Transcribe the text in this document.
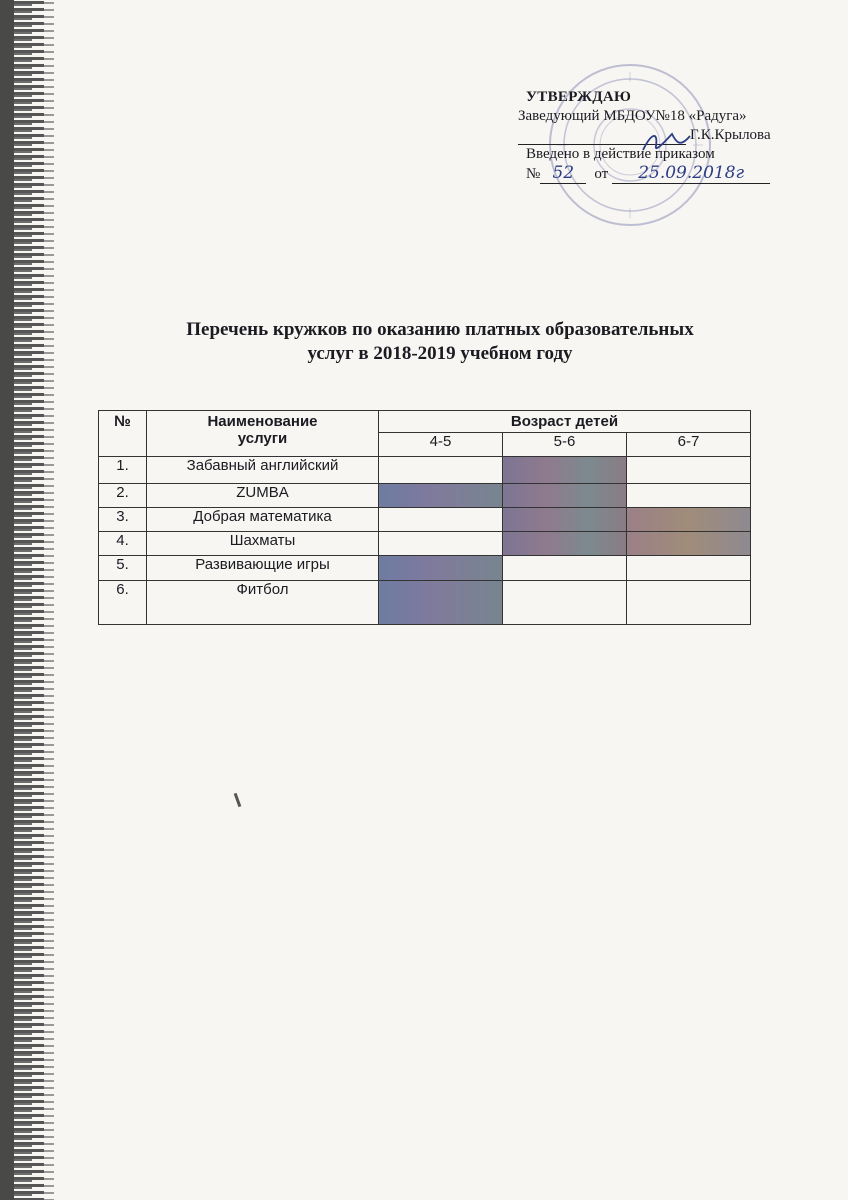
УТВЕРЖДАЮ
Заведующий МБДОУ№18 «Радуга»
Г.К.Крылова
Введено в действие приказом
№ 52	от	25.09.2018г
Перечень кружков по оказанию платных образовательных
услуг в 2018-2019 учебном году
№	Наименование услуги	Возраст детей		
		4-5	5-6	6-7
1.	Забавный английский			
2.	ZUMBA			
3.	Добрая математика			
4.	Шахматы			
5.	Развивающие игры			
6.	Фитбол			
